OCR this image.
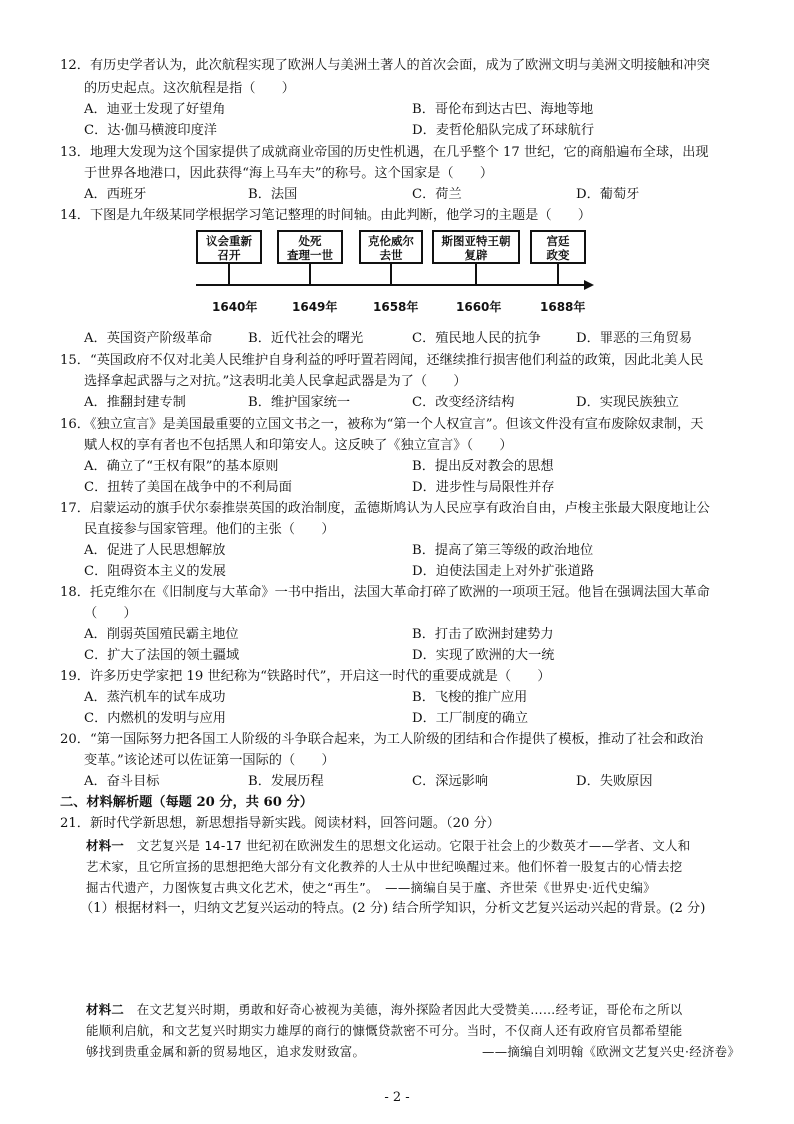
12．有历史学者认为，此次航程实现了欧洲人与美洲土著人的首次会面，成为了欧洲文明与美洲文明接触和冲突
的历史起点。这次航程是指（　　）
A．迪亚士发现了好望角	B．哥伦布到达古巴、海地等地
C．达·伽马横渡印度洋	D．麦哲伦船队完成了环球航行
13．地理大发现为这个国家提供了成就商业帝国的历史性机遇，在几乎整个 17 世纪，它的商船遍布全球，出现
于世界各地港口，因此获得“海上马车夫”的称号。这个国家是（　　）
A．西班牙	B．法国	C．荷兰	D．葡萄牙
14．下图是九年级某同学根据学习笔记整理的时间轴。由此判断，他学习的主题是（　　）
议会重新
召开
处死
查理一世
克伦威尔
去世
斯图亚特王朝
复辟
宫廷
政变
1640年	1649年	1658年	1660年	1688年
A．英国资产阶级革命	B．近代社会的曙光	C．殖民地人民的抗争	D．罪恶的三角贸易
15．“英国政府不仅对北美人民维护自身利益的呼吁置若罔闻，还继续推行损害他们利益的政策，因此北美人民
选择拿起武器与之对抗。”这表明北美人民拿起武器是为了（　　）
A．推翻封建专制	B．维护国家统一	C．改变经济结构	D．实现民族独立
16．《独立宣言》是美国最重要的立国文书之一，被称为“第一个人权宣言”。但该文件没有宣布废除奴隶制，天
赋人权的享有者也不包括黑人和印第安人。这反映了《独立宣言》（　　）
A．确立了“王权有限”的基本原则	B．提出反对教会的思想
C．扭转了美国在战争中的不利局面	D．进步性与局限性并存
17．启蒙运动的旗手伏尔泰推崇英国的政治制度，孟德斯鸠认为人民应享有政治自由，卢梭主张最大限度地让公
民直接参与国家管理。他们的主张（　　）
A．促进了人民思想解放	B．提高了第三等级的政治地位
C．阻碍资本主义的发展	D．迫使法国走上对外扩张道路
18．托克维尔在《旧制度与大革命》一书中指出，法国大革命打碎了欧洲的一项项王冠。他旨在强调法国大革命
（　　）
A．削弱英国殖民霸主地位	B．打击了欧洲封建势力
C．扩大了法国的领土疆域	D．实现了欧洲的大一统
19．许多历史学家把 19 世纪称为“铁路时代”，开启这一时代的重要成就是（　　）
A．蒸汽机车的试车成功	B．飞梭的推广应用
C．内燃机的发明与应用	D．工厂制度的确立
20．“第一国际努力把各国工人阶级的斗争联合起来，为工人阶级的团结和合作提供了模板，推动了社会和政治
变革。”该论述可以佐证第一国际的（　　）
A．奋斗目标	B．发展历程	C．深远影响	D．失败原因
二、材料解析题（每题 20 分，共 60 分）
21．新时代学新思想，新思想指导新实践。阅读材料，回答问题。（20 分）
材料一　 文艺复兴是 14-17 世纪初在欧洲发生的思想文化运动。它限于社会上的少数英才——学者、文人和
艺术家，且它所宣扬的思想把绝大部分有文化教养的人士从中世纪唤醒过来。他们怀着一股复古的心情去挖
掘古代遗产，力图恢复古典文化艺术，使之“再生”。　——摘编自吴于廑、齐世荣《世界史·近代史编》
（1）根据材料一，归纳文艺复兴运动的特点。(2 分) 结合所学知识，分析文艺复兴运动兴起的背景。(2 分)
材料二　 在文艺复兴时期，勇敢和好奇心被视为美德，海外探险者因此大受赞美……经考证，哥伦布之所以
能顺利启航，和文艺复兴时期实力雄厚的商行的慷慨贷款密不可分。当时，不仅商人还有政府官员都希望能
够找到贵重金属和新的贸易地区，追求发财致富。	——摘编自刘明翰《欧洲文艺复兴史·经济卷》
- 2 -
